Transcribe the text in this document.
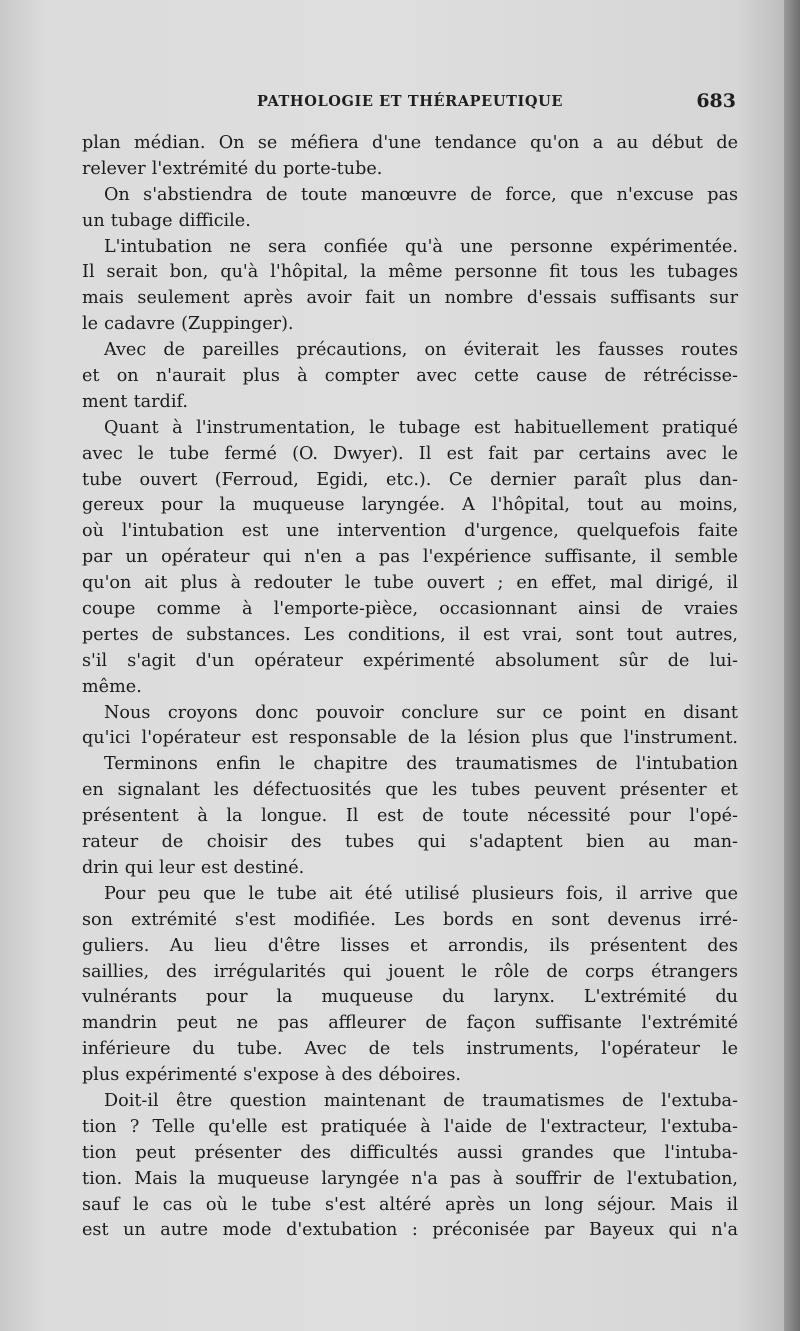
PATHOLOGIE ET THÉRAPEUTIQUE	683
plan médian. On se méfiera d'une tendance qu'on a au début de
relever l'extrémité du porte-tube.
On s'abstiendra de toute manœuvre de force, que n'excuse pas
un tubage difficile.
L'intubation ne sera confiée qu'à une personne expérimentée.
Il serait bon, qu'à l'hôpital, la même personne fit tous les tubages
mais seulement après avoir fait un nombre d'essais suffisants sur
le cadavre (Zuppinger).
Avec de pareilles précautions, on éviterait les fausses routes
et on n'aurait plus à compter avec cette cause de rétrécisse-
ment tardif.
Quant à l'instrumentation, le tubage est habituellement pratiqué
avec le tube fermé (O. Dwyer). Il est fait par certains avec le
tube ouvert (Ferroud, Egidi, etc.). Ce dernier paraît plus dan-
gereux pour la muqueuse laryngée. A l'hôpital, tout au moins,
où l'intubation est une intervention d'urgence, quelquefois faite
par un opérateur qui n'en a pas l'expérience suffisante, il semble
qu'on ait plus à redouter le tube ouvert ; en effet, mal dirigé, il
coupe comme à l'emporte-pièce, occasionnant ainsi de vraies
pertes de substances. Les conditions, il est vrai, sont tout autres,
s'il s'agit d'un opérateur expérimenté absolument sûr de lui-
même.
Nous croyons donc pouvoir conclure sur ce point en disant
qu'ici l'opérateur est responsable de la lésion plus que l'instrument.
Terminons enfin le chapitre des traumatismes de l'intubation
en signalant les défectuosités que les tubes peuvent présenter et
présentent à la longue. Il est de toute nécessité pour l'opé-
rateur de choisir des tubes qui s'adaptent bien au man-
drin qui leur est destiné.
Pour peu que le tube ait été utilisé plusieurs fois, il arrive que
son extrémité s'est modifiée. Les bords en sont devenus irré-
guliers. Au lieu d'être lisses et arrondis, ils présentent des
saillies, des irrégularités qui jouent le rôle de corps étrangers
vulnérants pour la muqueuse du larynx. L'extrémité du
mandrin peut ne pas affleurer de façon suffisante l'extrémité
inférieure du tube. Avec de tels instruments, l'opérateur le
plus expérimenté s'expose à des déboires.
Doit-il être question maintenant de traumatismes de l'extuba-
tion ? Telle qu'elle est pratiquée à l'aide de l'extracteur, l'extuba-
tion peut présenter des difficultés aussi grandes que l'intuba-
tion. Mais la muqueuse laryngée n'a pas à souffrir de l'extubation,
sauf le cas où le tube s'est altéré après un long séjour. Mais il
est un autre mode d'extubation : préconisée par Bayeux qui n'a
